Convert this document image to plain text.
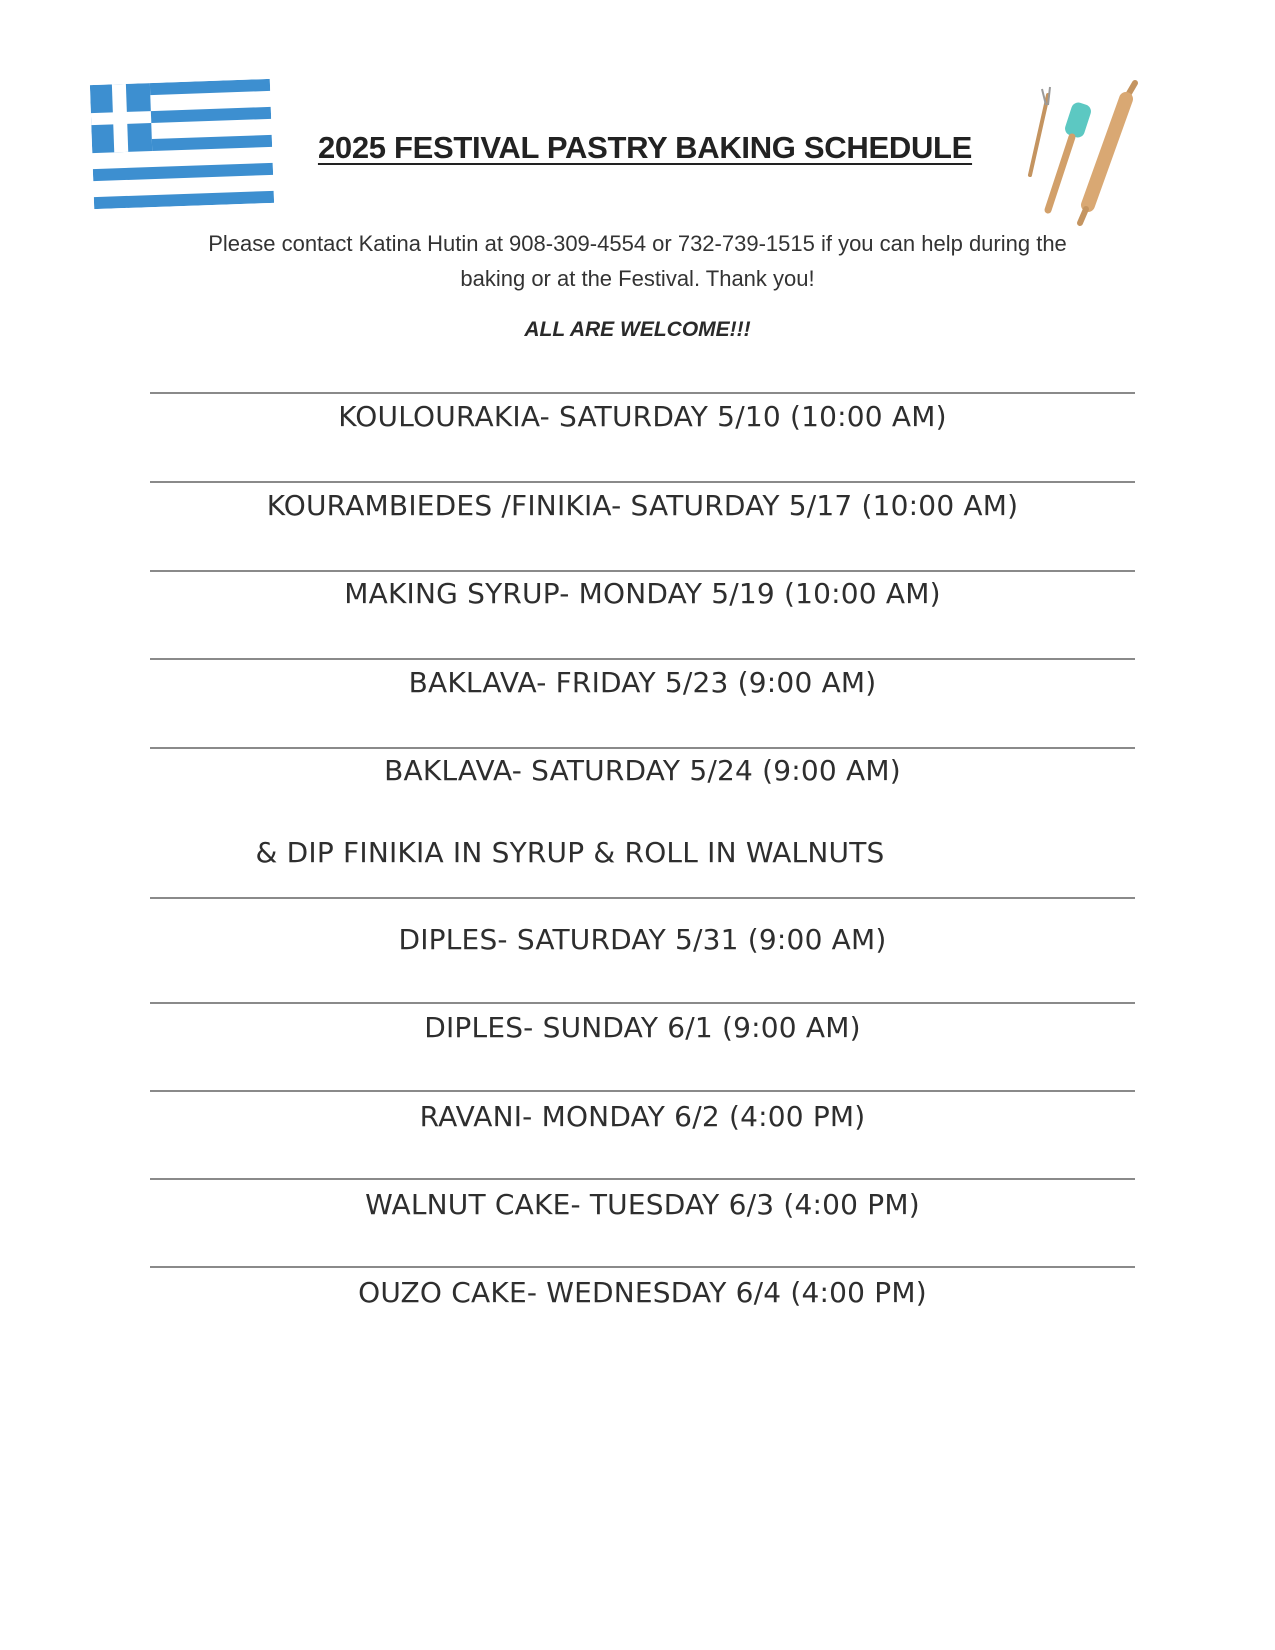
2025 FESTIVAL PASTRY BAKING SCHEDULE
Please contact Katina Hutin at 908-309-4554 or 732-739-1515 if you can help during the
baking or at the Festival. Thank you!
ALL ARE WELCOME!!!
KOULOURAKIA- SATURDAY 5/10 (10:00 AM)
KOURAMBIEDES /FINIKIA- SATURDAY 5/17 (10:00 AM)
MAKING SYRUP- MONDAY 5/19 (10:00 AM)
BAKLAVA- FRIDAY 5/23 (9:00 AM)
BAKLAVA- SATURDAY 5/24 (9:00 AM)
& DIP FINIKIA IN SYRUP & ROLL IN WALNUTS
DIPLES- SATURDAY 5/31 (9:00 AM)
DIPLES- SUNDAY 6/1 (9:00 AM)
RAVANI- MONDAY 6/2 (4:00 PM)
WALNUT CAKE- TUESDAY 6/3 (4:00 PM)
OUZO CAKE- WEDNESDAY 6/4 (4:00 PM)
